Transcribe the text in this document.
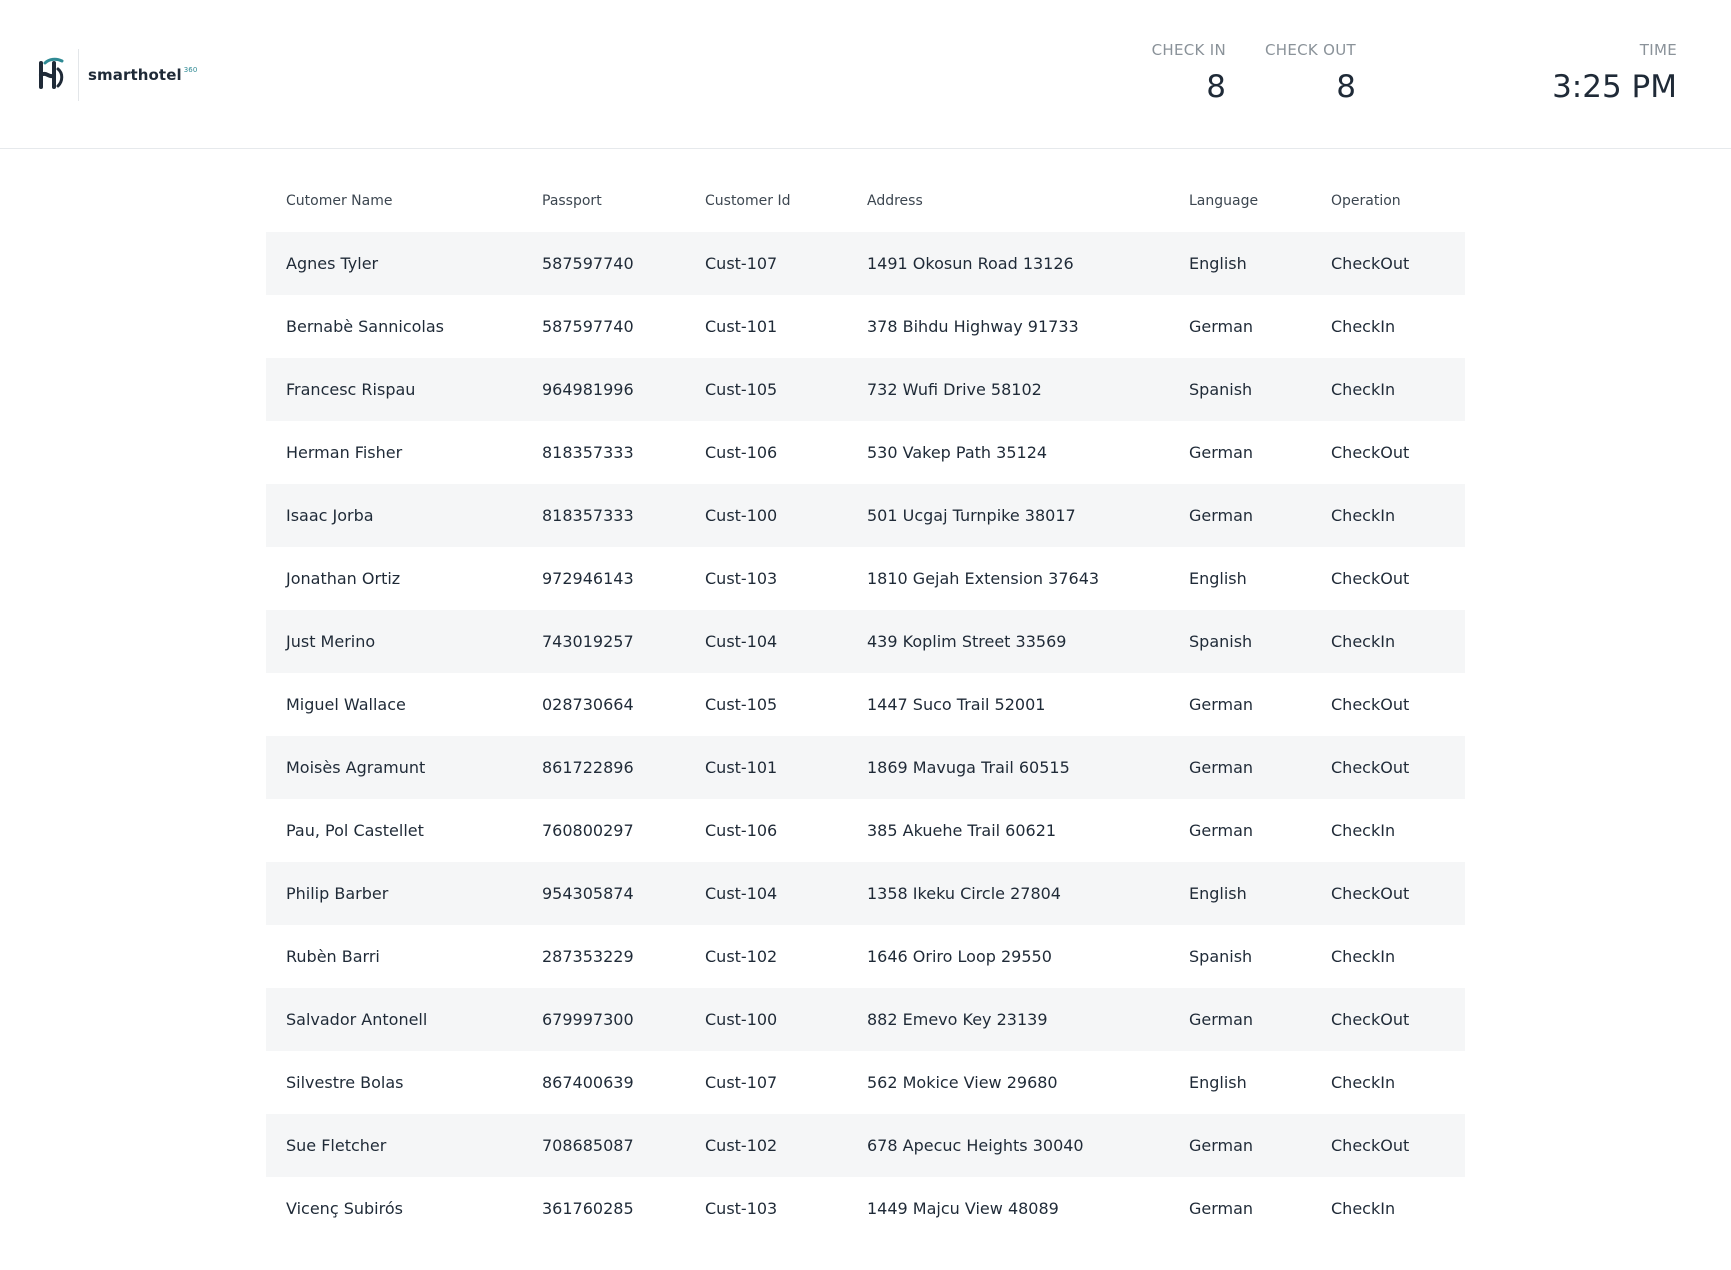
smarthotel 360
CHECK IN
8
CHECK OUT
8
TIME
3:25 PM
Cutomer Name	Passport	Customer Id	Address	Language	Operation
Agnes Tyler	587597740	Cust-107	1491 Okosun Road 13126	English	CheckOut
Bernabè Sannicolas	587597740	Cust-101	378 Bihdu Highway 91733	German	CheckIn
Francesc Rispau	964981996	Cust-105	732 Wufi Drive 58102	Spanish	CheckIn
Herman Fisher	818357333	Cust-106	530 Vakep Path 35124	German	CheckOut
Isaac Jorba	818357333	Cust-100	501 Ucgaj Turnpike 38017	German	CheckIn
Jonathan Ortiz	972946143	Cust-103	1810 Gejah Extension 37643	English	CheckOut
Just Merino	743019257	Cust-104	439 Koplim Street 33569	Spanish	CheckIn
Miguel Wallace	028730664	Cust-105	1447 Suco Trail 52001	German	CheckOut
Moisès Agramunt	861722896	Cust-101	1869 Mavuga Trail 60515	German	CheckOut
Pau, Pol Castellet	760800297	Cust-106	385 Akuehe Trail 60621	German	CheckIn
Philip Barber	954305874	Cust-104	1358 Ikeku Circle 27804	English	CheckOut
Rubèn Barri	287353229	Cust-102	1646 Oriro Loop 29550	Spanish	CheckIn
Salvador Antonell	679997300	Cust-100	882 Emevo Key 23139	German	CheckOut
Silvestre Bolas	867400639	Cust-107	562 Mokice View 29680	English	CheckIn
Sue Fletcher	708685087	Cust-102	678 Apecuc Heights 30040	German	CheckOut
Vicenç Subirós	361760285	Cust-103	1449 Majcu View 48089	German	CheckIn
